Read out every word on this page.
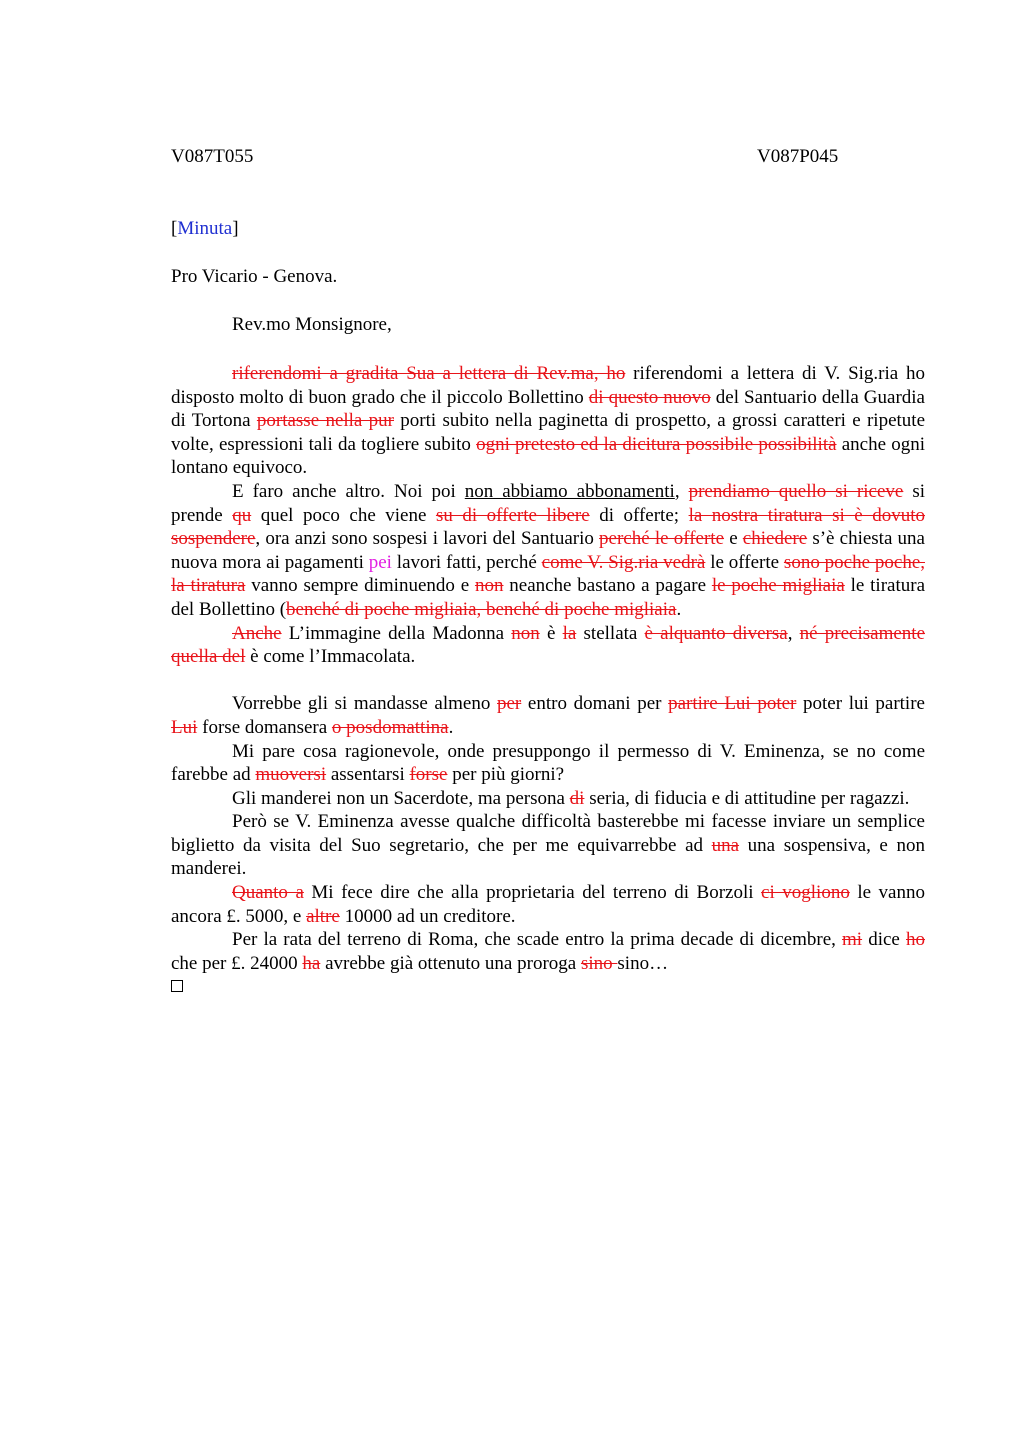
V087T055	V087P045
[Minuta]
Pro Vicario - Genova.
Rev.mo Monsignore,

riferendomi a gradita Sua a lettera di Rev.ma, ho riferendomi a lettera di V. Sig.ria ho disposto molto di buon grado che il piccolo Bollettino di questo nuovo del Santuario della Guardia di Tortona portasse nella pur porti subito nella paginetta di prospetto, a grossi caratteri e ripetute volte, espressioni tali da togliere subito ogni pretesto ed la dicitura possibile possibilità anche ogni lontano equivoco.

E faro anche altro. Noi poi non abbiamo abbonamenti, prendiamo quello si riceve si prende qu quel poco che viene su di offerte libere di offerte; la nostra tiratura si è dovuto sospendere, ora anzi sono sospesi i lavori del Santuario perché le offerte e chiedere s’è chiesta una nuova mora ai pagamenti pei lavori fatti, perché come V. Sig.ria vedrà le offerte sono poche poche, la tiratura vanno sempre diminuendo e non neanche bastano a pagare le poche migliaia le tiratura del Bollettino (benché di poche migliaia, benché di poche migliaia.

Anche L’immagine della Madonna non è la stellata è alquanto diversa, né precisamente quella del è come l’Immacolata.

Vorrebbe gli si mandasse almeno per entro domani per partire Lui poter poter lui partire Lui forse domansera o posdomattina.

Mi pare cosa ragionevole, onde presuppongo il permesso di V. Eminenza, se no come farebbe ad muoversi assentarsi forse per più giorni?

Gli manderei non un Sacerdote, ma persona di seria, di fiducia e di attitudine per ragazzi.

Però se V. Eminenza avesse qualche difficoltà basterebbe mi facesse inviare un semplice biglietto da visita del Suo segretario, che per me equivarrebbe ad una una sospensiva, e non manderei.

Quanto a Mi fece dire che alla proprietaria del terreno di Borzoli ci vogliono le vanno ancora £. 5000, e altre 10000 ad un creditore.

Per la rata del terreno di Roma, che scade entro la prima decade di dicembre, mi dice ho che per £. 24000 ha avrebbe già ottenuto una proroga sino sino…
